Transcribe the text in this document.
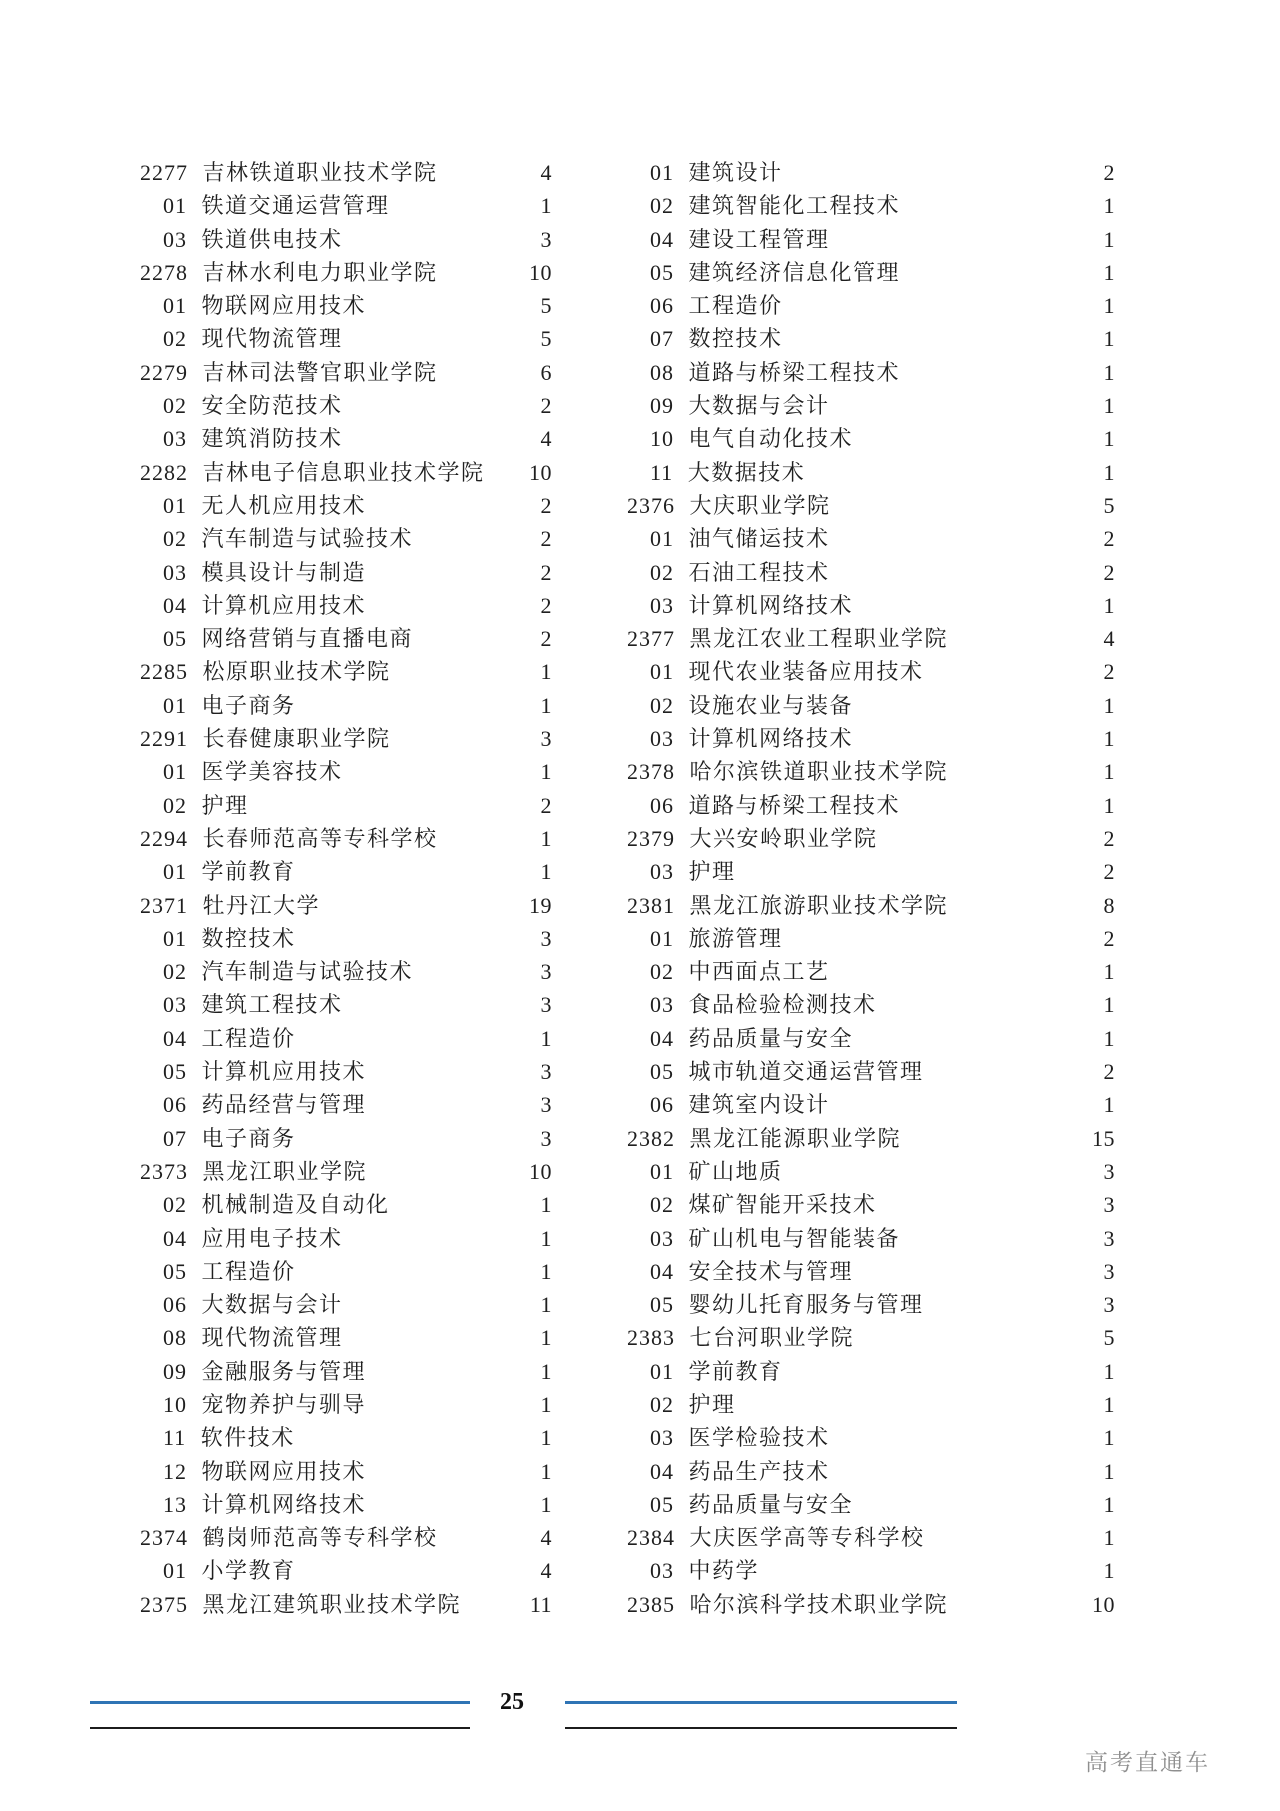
2277 吉林铁道职业技术学院	4
01 铁道交通运营管理	1
03 铁道供电技术	3
2278 吉林水利电力职业学院	10
01 物联网应用技术	5
02 现代物流管理	5
2279 吉林司法警官职业学院	6
02 安全防范技术	2
03 建筑消防技术	4
2282 吉林电子信息职业技术学院 10
01 无人机应用技术	2
02 汽车制造与试验技术	2
03 模具设计与制造	2
04 计算机应用技术	2
05 网络营销与直播电商	2
2285 松原职业技术学院	1
01 电子商务	1
2291 长春健康职业学院	3
01 医学美容技术	1
02 护理	2
2294 长春师范高等专科学校	1
01 学前教育	1
2371 牡丹江大学	19
01 数控技术	3
02 汽车制造与试验技术	3
03 建筑工程技术	3
04 工程造价	1
05 计算机应用技术	3
06 药品经营与管理	3
07 电子商务	3
2373 黑龙江职业学院	10
02 机械制造及自动化	1
04 应用电子技术	1
05 工程造价	1
06 大数据与会计	1
08 现代物流管理	1
09 金融服务与管理	1
10 宠物养护与驯导	1
11 软件技术	1
12 物联网应用技术	1
13 计算机网络技术	1
2374 鹤岗师范高等专科学校	4
01 小学教育	4
2375 黑龙江建筑职业技术学院	11
01 建筑设计	2
02 建筑智能化工程技术	1
04 建设工程管理	1
05 建筑经济信息化管理	1
06 工程造价	1
07 数控技术	1
08 道路与桥梁工程技术	1
09 大数据与会计	1
10 电气自动化技术	1
11 大数据技术	1
2376 大庆职业学院	5
01 油气储运技术	2
02 石油工程技术	2
03 计算机网络技术	1
2377 黑龙江农业工程职业学院	4
01 现代农业装备应用技术	2
02 设施农业与装备	1
03 计算机网络技术	1
2378 哈尔滨铁道职业技术学院	1
06 道路与桥梁工程技术	1
2379 大兴安岭职业学院	2
03 护理	2
2381 黑龙江旅游职业技术学院	8
01 旅游管理	2
02 中西面点工艺	1
03 食品检验检测技术	1
04 药品质量与安全	1
05 城市轨道交通运营管理	2
06 建筑室内设计	1
2382 黑龙江能源职业学院	15
01 矿山地质	3
02 煤矿智能开采技术	3
03 矿山机电与智能装备	3
04 安全技术与管理	3
05 婴幼儿托育服务与管理	3
2383 七台河职业学院	5
01 学前教育	1
02 护理	1
03 医学检验技术	1
04 药品生产技术	1
05 药品质量与安全	1
2384 大庆医学高等专科学校	1
03 中药学	1
2385 哈尔滨科学技术职业学院	10
25
高考直通车
